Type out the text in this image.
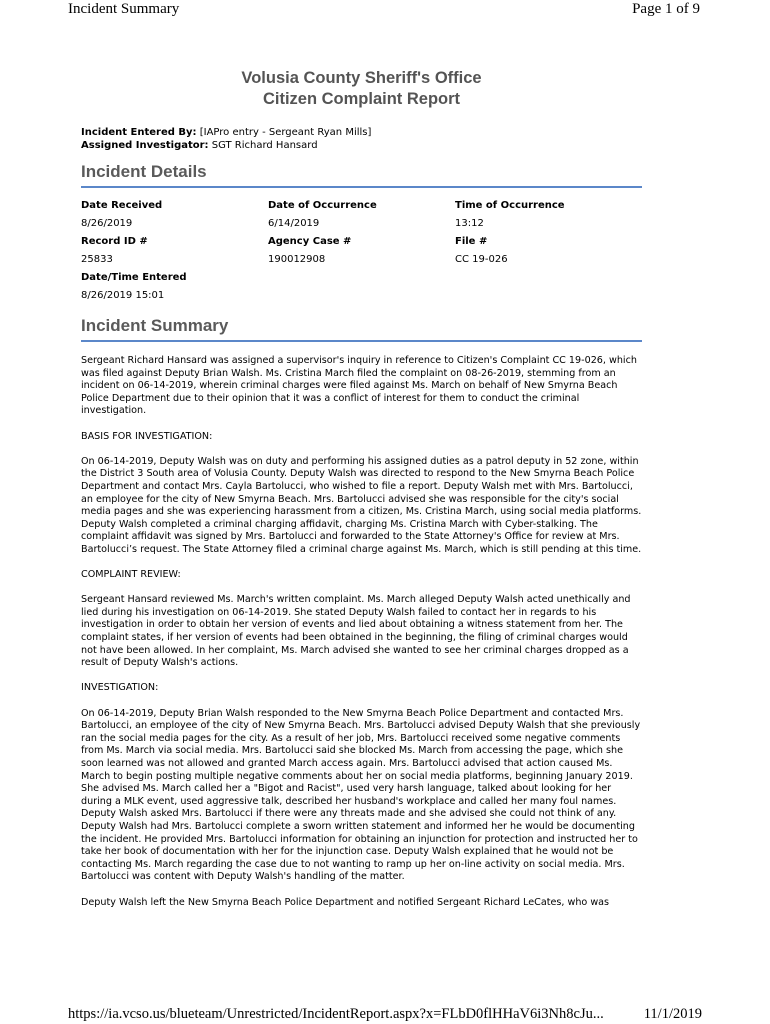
Incident Summary	Page 1 of 9
Volusia County Sheriff's Office
Citizen Complaint Report
Incident Entered By: [IAPro entry - Sergeant Ryan Mills]
Assigned Investigator: SGT Richard Hansard
Incident Details
Date Received	Date of Occurrence	Time of Occurrence
8/26/2019	6/14/2019	13:12
Record ID #	Agency Case #	File #
25833	190012908	CC 19-026
Date/Time Entered		
8/26/2019 15:01		
Incident Summary

Sergeant Richard Hansard was assigned a supervisor's inquiry in reference to Citizen's Complaint CC 19-026, which was filed against Deputy Brian Walsh. Ms. Cristina March filed the complaint on 08-26-2019, stemming from an incident on 06-14-2019, wherein criminal charges were filed against Ms. March on behalf of New Smyrna Beach Police Department due to their opinion that it was a conflict of interest for them to conduct the criminal investigation.

BASIS FOR INVESTIGATION:

On 06-14-2019, Deputy Walsh was on duty and performing his assigned duties as a patrol deputy in 52 zone, within the District 3 South area of Volusia County. Deputy Walsh was directed to respond to the New Smyrna Beach Police Department and contact Mrs. Cayla Bartolucci, who wished to file a report. Deputy Walsh met with Mrs. Bartolucci, an employee for the city of New Smyrna Beach. Mrs. Bartolucci advised she was responsible for the city's social media pages and she was experiencing harassment from a citizen, Ms. Cristina March, using social media platforms. Deputy Walsh completed a criminal charging affidavit, charging Ms. Cristina March with Cyber-stalking. The complaint affidavit was signed by Mrs. Bartolucci and forwarded to the State Attorney's Office for review at Mrs. Bartolucci’s request. The State Attorney filed a criminal charge against Ms. March, which is still pending at this time.

COMPLAINT REVIEW:

Sergeant Hansard reviewed Ms. March's written complaint. Ms. March alleged Deputy Walsh acted unethically and lied during his investigation on 06-14-2019. She stated Deputy Walsh failed to contact her in regards to his investigation in order to obtain her version of events and lied about obtaining a witness statement from her. The complaint states, if her version of events had been obtained in the beginning, the filing of criminal charges would not have been allowed. In her complaint, Ms. March advised she wanted to see her criminal charges dropped as a result of Deputy Walsh's actions.

INVESTIGATION:

On 06-14-2019, Deputy Brian Walsh responded to the New Smyrna Beach Police Department and contacted Mrs. Bartolucci, an employee of the city of New Smyrna Beach. Mrs. Bartolucci advised Deputy Walsh that she previously ran the social media pages for the city. As a result of her job, Mrs. Bartolucci received some negative comments from Ms. March via social media. Mrs. Bartolucci said she blocked Ms. March from accessing the page, which she soon learned was not allowed and granted March access again. Mrs. Bartolucci advised that action caused Ms. March to begin posting multiple negative comments about her on social media platforms, beginning January 2019. She advised Ms. March called her a "Bigot and Racist", used very harsh language, talked about looking for her during a MLK event, used aggressive talk, described her husband's workplace and called her many foul names. Deputy Walsh asked Mrs. Bartolucci if there were any threats made and she advised she could not think of any. Deputy Walsh had Mrs. Bartolucci complete a sworn written statement and informed her he would be documenting the incident. He provided Mrs. Bartolucci information for obtaining an injunction for protection and instructed her to take her book of documentation with her for the injunction case. Deputy Walsh explained that he would not be contacting Ms. March regarding the case due to not wanting to ramp up her on-line activity on social media. Mrs. Bartolucci was content with Deputy Walsh's handling of the matter.

Deputy Walsh left the New Smyrna Beach Police Department and notified Sergeant Richard LeCates, who was

https://ia.vcso.us/blueteam/Unrestricted/IncidentReport.aspx?x=FLbD0flHHaV6i3Nh8cJu...	11/1/2019
